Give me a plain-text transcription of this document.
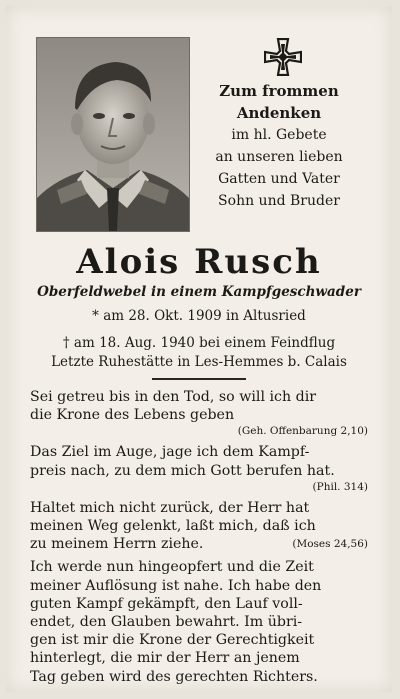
Zum frommen
Andenken
im hl. Gebete
an unseren lieben
Gatten und Vater
Sohn und Bruder
Alois Rusch
Oberfeldwebel in einem Kampfgeschwader
* am 28. Okt. 1909 in Altusried
† am 18. Aug. 1940 bei einem Feindflug
Letzte Ruhestätte in Les-Hemmes b. Calais
Sei getreu bis in den Tod, so will ich dir
die Krone des Lebens geben
(Geh. Offenbarung 2,10)
Das Ziel im Auge, jage ich dem Kampf-
preis nach, zu dem mich Gott berufen hat.
(Phil. 314)
Haltet mich nicht zurück, der Herr hat
meinen Weg gelenkt, laßt mich, daß ich
zu meinem Herrn ziehe.	(Moses 24,56)
Ich werde nun hingeopfert und die Zeit
meiner Auflösung ist nahe. Ich habe den
guten Kampf gekämpft, den Lauf voll-
endet, den Glauben bewahrt. Im übri-
gen ist mir die Krone der Gerechtigkeit
hinterlegt, die mir der Herr an jenem
Tag geben wird des gerechten Richters.
